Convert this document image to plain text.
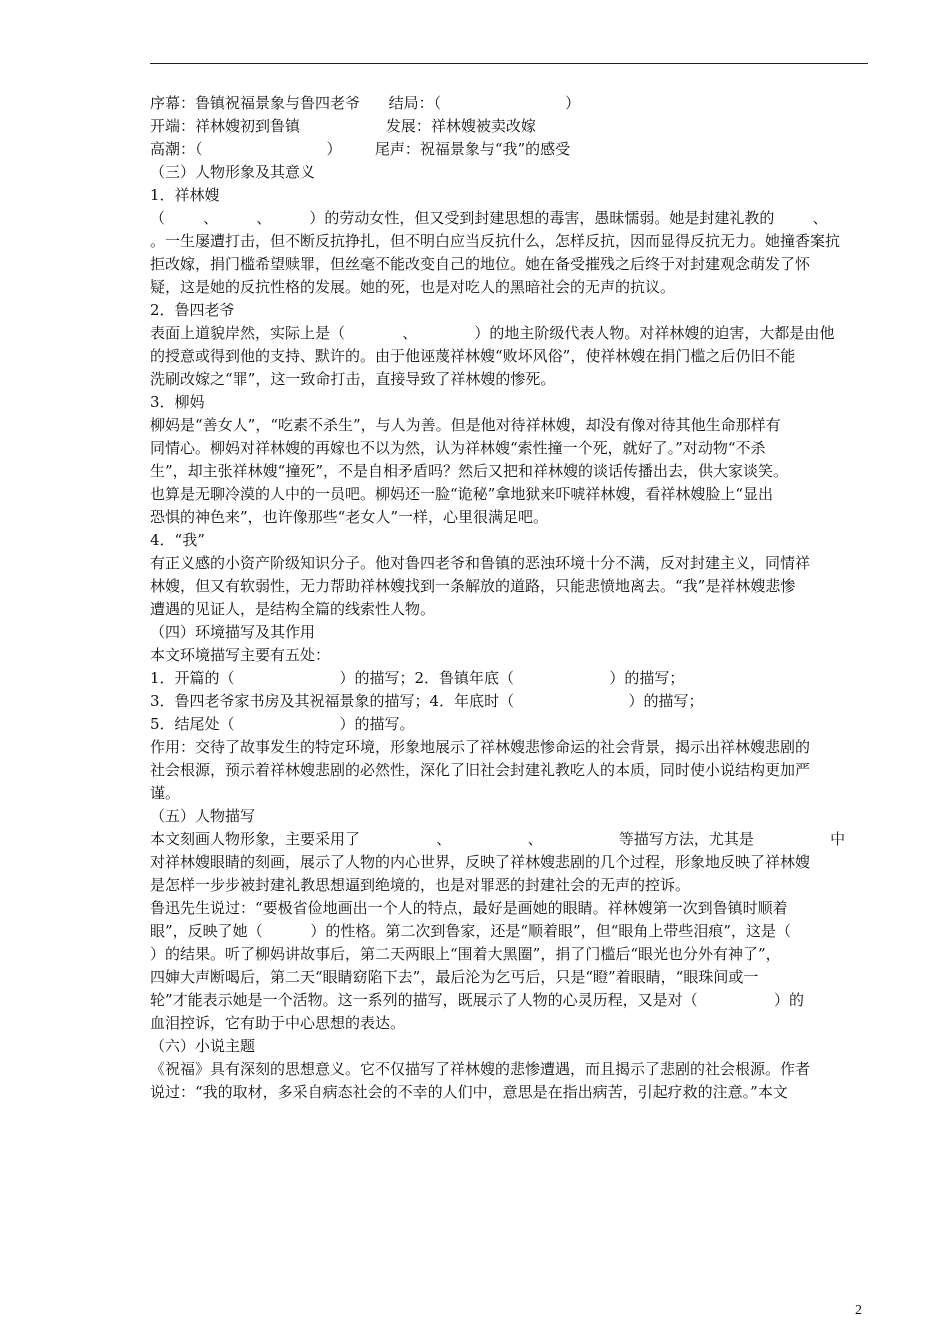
序幕：鲁镇祝福景象与鲁四老爷      结局：（                          ）
开端：祥林嫂初到鲁镇                  发展：祥林嫂被卖改嫁
高潮：（                          ）       尾声：祝福景象与“我”的感受
（三）人物形象及其意义
1．祥林嫂
（        、        、        ）的劳动女性，但又受到封建思想的毒害，愚昧懦弱。她是封建礼教的        、
。一生屡遭打击，但不断反抗挣扎，但不明白应当反抗什么，怎样反抗，因而显得反抗无力。她撞香案抗
拒改嫁，捐门槛希望赎罪，但丝毫不能改变自己的地位。她在备受摧残之后终于对封建观念萌发了怀
疑，这是她的反抗性格的发展。她的死，也是对吃人的黑暗社会的无声的抗议。
2．鲁四老爷
表面上道貌岸然，实际上是（            、            ）的地主阶级代表人物。对祥林嫂的迫害，大都是由他
的授意或得到他的支持、默许的。由于他诬蔑祥林嫂“败坏风俗”，使祥林嫂在捐门槛之后仍旧不能
洗刷改嫁之“罪”，这一致命打击，直接导致了祥林嫂的惨死。
3．柳妈
柳妈是“善女人”，“吃素不杀生”，与人为善。但是他对待祥林嫂，却没有像对待其他生命那样有
同情心。柳妈对祥林嫂的再嫁也不以为然，认为祥林嫂“索性撞一个死，就好了。”对动物“不杀
生”，却主张祥林嫂“撞死”，不是自相矛盾吗？然后又把和祥林嫂的谈话传播出去，供大家谈笑。
也算是无聊冷漠的人中的一员吧。柳妈还一脸“诡秘”拿地狱来吓唬祥林嫂，看祥林嫂脸上“显出
恐惧的神色来”，也许像那些“老女人”一样，心里很满足吧。
4．“我”
有正义感的小资产阶级知识分子。他对鲁四老爷和鲁镇的恶浊环境十分不满，反对封建主义，同情祥
林嫂，但又有软弱性，无力帮助祥林嫂找到一条解放的道路，只能悲愤地离去。“我”是祥林嫂悲惨
遭遇的见证人，是结构全篇的线索性人物。
（四）环境描写及其作用
本文环境描写主要有五处：
1．开篇的（                      ）的描写；2．鲁镇年底（                    ）的描写；
3．鲁四老爷家书房及其祝福景象的描写；4．年底时（                        ）的描写；
5．结尾处（                      ）的描写。
作用：交待了故事发生的特定环境，形象地展示了祥林嫂悲惨命运的社会背景，揭示出祥林嫂悲剧的
社会根源，预示着祥林嫂悲剧的必然性，深化了旧社会封建礼教吃人的本质，同时使小说结构更加严
谨。
（五）人物描写
本文刻画人物形象，主要采用了                、                、                等描写方法，尤其是                中
对祥林嫂眼睛的刻画，展示了人物的内心世界，反映了祥林嫂悲剧的几个过程，形象地反映了祥林嫂
是怎样一步步被封建礼教思想逼到绝境的，也是对罪恶的封建社会的无声的控诉。
鲁迅先生说过：“要极省俭地画出一个人的特点，最好是画她的眼睛。祥林嫂第一次到鲁镇时顺着
眼”，反映了她（          ）的性格。第二次到鲁家，还是“顺着眼”，但“眼角上带些泪痕”，这是（
）的结果。听了柳妈讲故事后，第二天两眼上“围着大黑圈”，捐了门槛后“眼光也分外有神了”，
四婶大声断喝后，第二天“眼睛窈陷下去”，最后沦为乞丐后，只是“瞪”着眼睛，“眼珠间或一
轮”才能表示她是一个活物。这一系列的描写，既展示了人物的心灵历程，又是对（                ）的
血泪控诉，它有助于中心思想的表达。
（六）小说主题
《祝福》具有深刻的思想意义。它不仅描写了祥林嫂的悲惨遭遇，而且揭示了悲剧的社会根源。作者
说过：“我的取材，多采自病态社会的不幸的人们中，意思是在指出病苦，引起疗救的注意。”本文
2
